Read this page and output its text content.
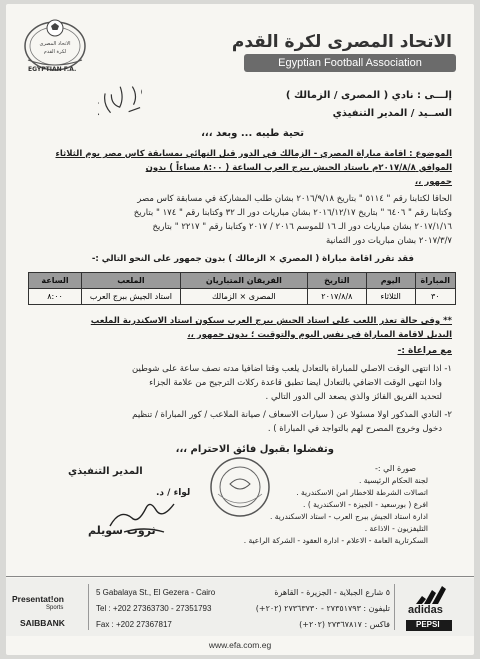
الاتحاد المصرى
لكرة القدم
EGYPTIAN F.A.
الاتحاد المصرى لكرة القدم
Egyptian Football Association
إلـــى : نادي ( المصرى / الزمالك )
الســيد / المدير التنفيذي
تحية طيبه ... وبعد ،،،
الموضوع : اقامة مباراة المصري - الزمالك في الدور قبل النهائي بمسابقة كاس مصر يوم الثلاثاء
الموافق ٢٠١٧/٨/٨م باستاد الجيش ببرج العرب الساعة ( ٨:٠٠ مساءاً ) بدون
جمهور ،،
الحاقا لكتابنا رقم " ٥١١٤ " بتاريخ ٢٠١٦/٩/١٨ بشان طلب المشاركة في مسابقة كاس مصر
وكتابنا رقم " ٦٤٠٦ " بتاريخ ٢٠١٦/١٢/١٧ بشان مباريات دور الـ ٣٢ وكتابنا رقم " ١٧٤ " بتاريخ
٢٠١٧/١/١٦ بشان مباريات دور الـ ١٦ للموسم ٢٠١٦ / ٢٠١٧ وكتابنا رقم " ٢٢١٧ " بتاريخ
٢٠١٧/٣/٧ بشان مباريات دور الثمانية
فقد تقرر اقامة مباراة ( المصري × الزمالك ) بدون جمهور على النحو التالي :-
المباراة	اليوم	التاريخ	الفريقان المتباريان	الملعب	الساعة
٣٠	الثلاثاء	٢٠١٧/٨/٨	المصرى × الزمالك	استاد الجيش ببرج العرب	٨:٠٠
** وفى حالة تعذر اللعب على استاد الجيش ببرج العرب سيكون استاد الاسكندرية الملعب
البديل لاقامة المباراة في نفس اليوم والتوقيت ؛ بدون جمهور ،،
مع مراعاة :-
١- اذا انتهى الوقت الاصلي للمباراة بالتعادل يلعب وقتا اضافيا مدته نصف ساعة على شوطين
واذا انتهى الوقت الاضافي بالتعادل ايضا تطبق قاعدة ركلات الترجيح من علامة الجزاء
لتحديد الفريق الفائز والذي يصعد الى الدور التالي .
٢- النادي المذكور اولا مسئولا عن ( سيارات الاسعاف / صيانة الملاعب / كور المباراة / تنظيم
دخول وخروج المصرح لهم بالتواجد في المباراة ) .
وتفضلوا بقبول فائق الاحترام ،،،
المدير التنفيذي
لواء / د.
ثروت سويلم
صورة الي :-
لجنة الحكام الرئيسية .
اتصالات الشرطة للاخطار امن الاسكندرية .
افرع ( بورسعيد - الجيزة - الاسكندرية ) .
ادارة استاد الجيش ببرج العرب - استاد الاسكندرية .
التليفزيون - الاذاعة .
السكرتارية العامة - الاعلام - ادارة العقود - الشركة الراعية .
Presentat!on
Sports
SAIBBANK
5 Gabalaya St., El Gezera - Cairo
Tel : +202 27363730 - 27351793
Fax : +202 27367817
٥ شارع الجبلاية - الجزيرة - القاهرة
تليفون : ٢٧٣٥١٧٩٣ - ٢٧٣٦٣٧٣٠ (٢٠٢+)
فاكس : ٢٧٣٦٧٨١٧ (٢٠٢+)
adidas
PEPSI
www.efa.com.eg
